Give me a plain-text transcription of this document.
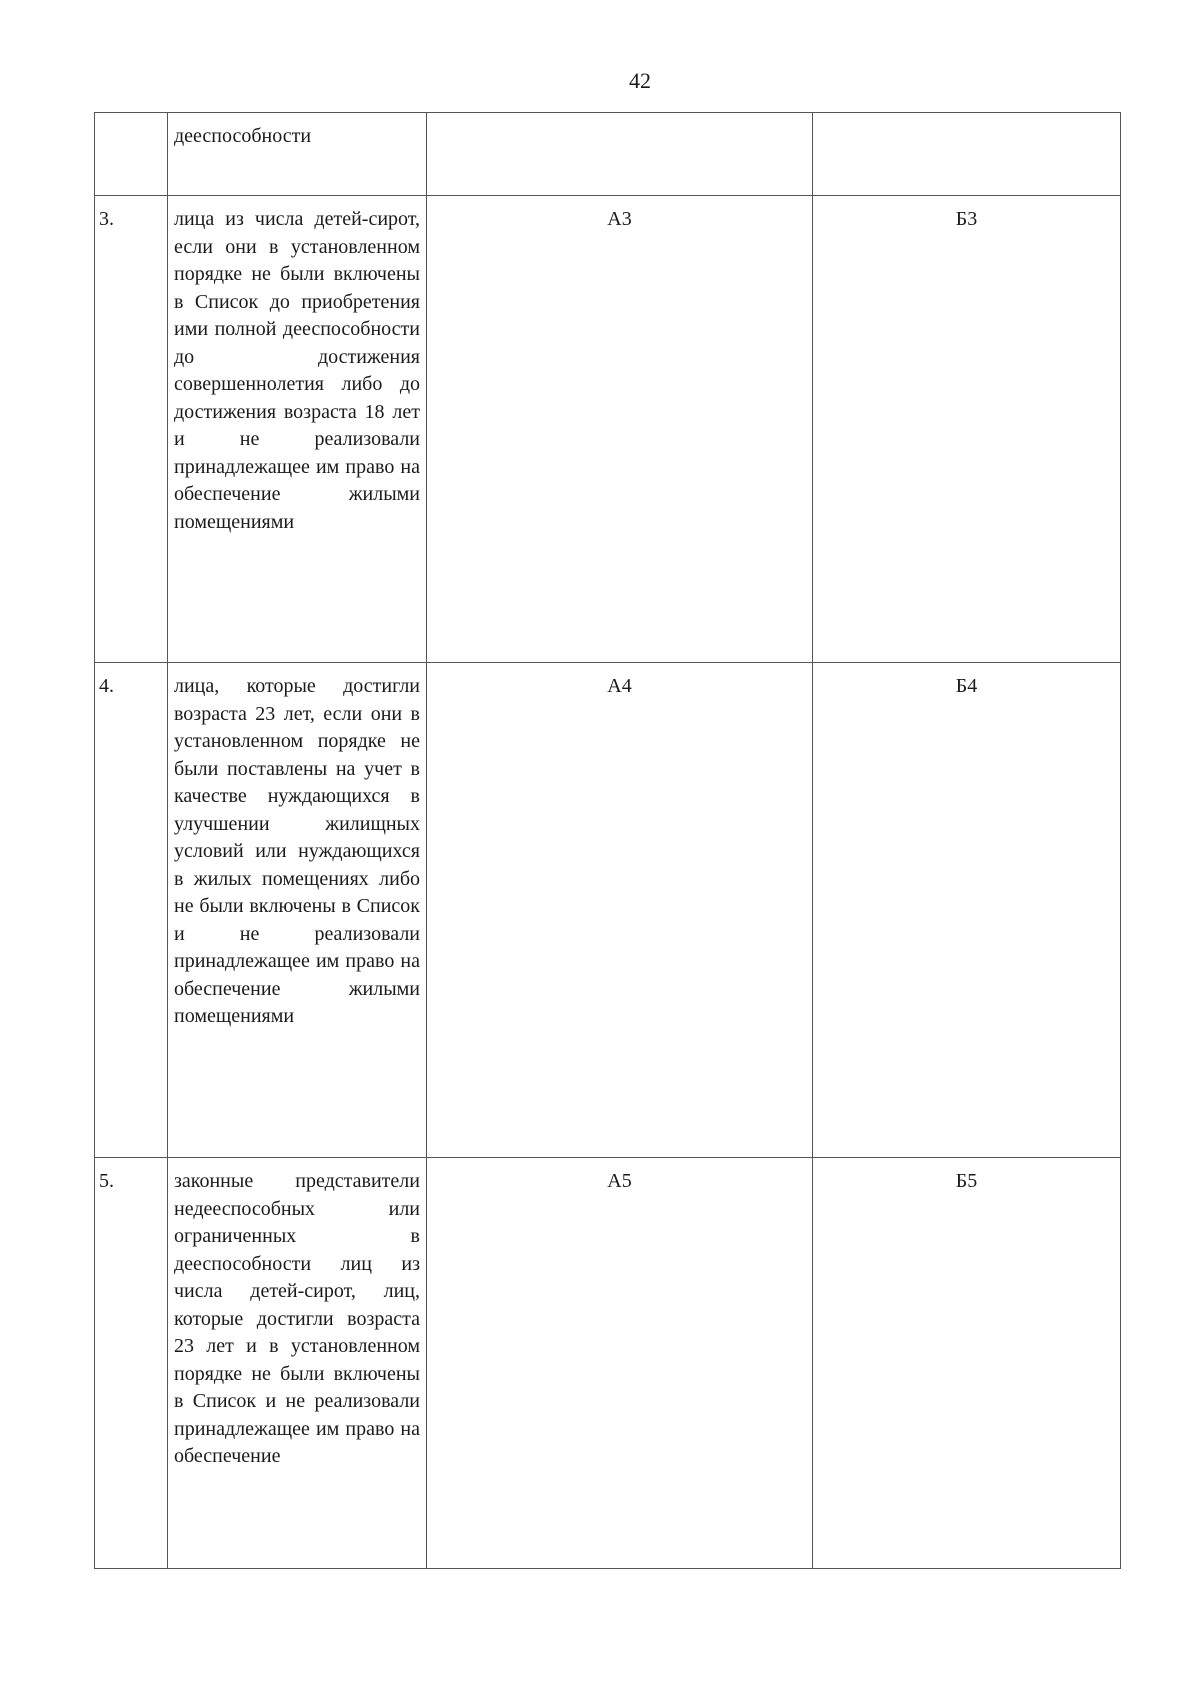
42

	дееспособности		

3.	лица из числа детей-сирот, если они в установленном порядке не были включены в Список до приобретения ими полной дееспособности до достижения совершеннолетия либо до достижения возраста 18 лет и не реализовали принадлежащее им право на обеспечение жилыми помещениями	А3	Б3

4.	лица, которые достигли возраста 23 лет, если они в установленном порядке не были поставлены на учет в качестве нуждающихся в улучшении жилищных условий или нуждающихся в жилых помещениях либо не были включены в Список и не реализовали принадлежащее им право на обеспечение жилыми помещениями	А4	Б4

5.	законные представители недееспособных или ограниченных в дееспособности лиц из числа детей-сирот, лиц, которые достигли возраста 23 лет и в установленном порядке не были включены в Список и не реализовали принадлежащее им право на обеспечение	А5	Б5
